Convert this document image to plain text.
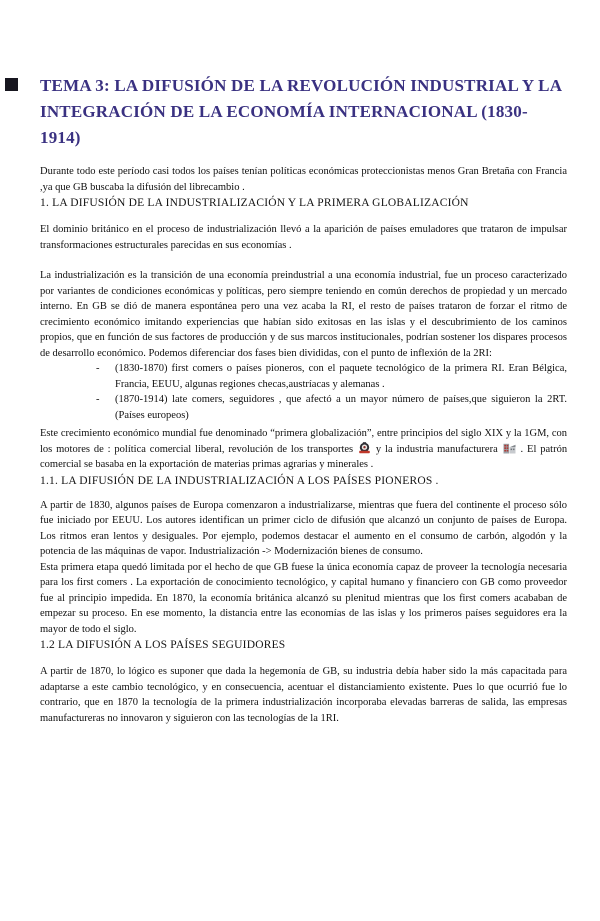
TEMA 3: LA DIFUSIÓN DE LA REVOLUCIÓN INDUSTRIAL Y LA
INTEGRACIÓN DE LA ECONOMÍA INTERNACIONAL (1830-1914)

Durante todo este período casi todos los países tenían políticas económicas proteccionistas menos Gran Bretaña con Francia ,ya que GB buscaba la difusión del librecambio .

1. LA DIFUSIÓN DE LA INDUSTRIALIZACIÓN Y LA PRIMERA GLOBALIZACIÓN

El dominio británico en el proceso de industrialización llevó a la aparición de países emuladores que trataron de impulsar transformaciones estructurales parecidas en sus economías .

La industrialización es la transición de una economía preindustrial a una economía industrial, fue un proceso caracterizado por variantes de condiciones económicas y políticas, pero siempre teniendo en común derechos de propiedad y un mercado interno. En GB se dió de manera espontánea pero una vez acaba la RI, el resto de países trataron de forzar el ritmo de crecimiento económico imitando experiencias que habían sido exitosas en las islas y el descubrimiento de los caminos propios, que en función de sus factores de producción y de sus marcos institucionales, podrían sostener los dispares procesos de desarrollo económico. Podemos diferenciar dos fases bien divididas, con el punto de inflexión de la 2RI:

- (1830-1870) first comers o países pioneros, con el paquete tecnológico de la primera RI. Eran Bélgica, Francia, EEUU, algunas regiones checas,austríacas y alemanas .
- (1870-1914) late comers, seguidores , que afectó a un mayor número de países,que siguieron la 2RT. (Países europeos)

Este crecimiento económico mundial fue denominado “primera globalización”, entre principios del siglo XIX y la 1GM, con los motores de : política comercial liberal, revolución de los transportes y la industria manufacturera . El patrón comercial se basaba en la exportación de materias primas agrarias y minerales .

1.1. LA DIFUSIÓN DE LA INDUSTRIALIZACIÓN A LOS PAÍSES PIONEROS .

A partir de 1830, algunos países de Europa comenzaron a industrializarse, mientras que fuera del continente el proceso sólo fue iniciado por EEUU. Los autores identifican un primer ciclo de difusión que alcanzó un conjunto de países de Europa. Los ritmos eran lentos y desiguales. Por ejemplo, podemos destacar el aumento en el consumo de carbón, algodón y la potencia de las máquinas de vapor. Industrialización -> Modernización bienes de consumo.

Esta primera etapa quedó limitada por el hecho de que GB fuese la única economía capaz de proveer la tecnología necesaria para los first comers . La exportación de conocimiento tecnológico, y capital humano y financiero con GB como proveedor fue al principio impedida. En 1870, la economía británica alcanzó su plenitud mientras que los first comers acababan de empezar su proceso. En ese momento, la distancia entre las economías de las islas y los primeros países seguidores era la mayor de todo el siglo.

1.2 LA DIFUSIÓN A LOS PAÍSES SEGUIDORES

A partir de 1870, lo lógico es suponer que dada la hegemonía de GB, su industria debía haber sido la más capacitada para adaptarse a este cambio tecnológico, y en consecuencia, acentuar el distanciamiento existente. Pues lo que ocurrió fue lo contrario, que en 1870 la tecnología de la primera industrialización incorporaba elevadas barreras de salida, las empresas manufactureras no innovaron y siguieron con las tecnologías de la 1RI.
